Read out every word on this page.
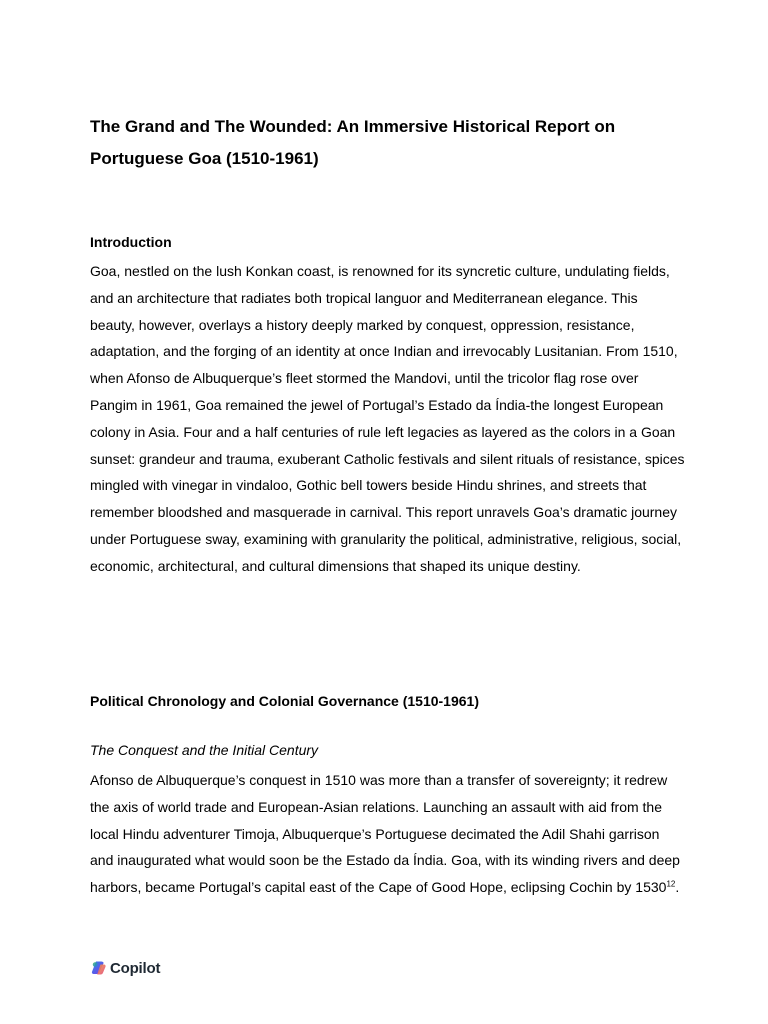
The Grand and The Wounded: An Immersive Historical Report on Portuguese Goa (1510-1961)
Introduction

Goa, nestled on the lush Konkan coast, is renowned for its syncretic culture, undulating fields, and an architecture that radiates both tropical languor and Mediterranean elegance. This beauty, however, overlays a history deeply marked by conquest, oppression, resistance, adaptation, and the forging of an identity at once Indian and irrevocably Lusitanian. From 1510, when Afonso de Albuquerque’s fleet stormed the Mandovi, until the tricolor flag rose over Pangim in 1961, Goa remained the jewel of Portugal’s Estado da Índia-the longest European colony in Asia. Four and a half centuries of rule left legacies as layered as the colors in a Goan sunset: grandeur and trauma, exuberant Catholic festivals and silent rituals of resistance, spices mingled with vinegar in vindaloo, Gothic bell towers beside Hindu shrines, and streets that remember bloodshed and masquerade in carnival. This report unravels Goa’s dramatic journey under Portuguese sway, examining with granularity the political, administrative, religious, social, economic, architectural, and cultural dimensions that shaped its unique destiny.

Political Chronology and Colonial Governance (1510-1961)
The Conquest and the Initial Century

Afonso de Albuquerque’s conquest in 1510 was more than a transfer of sovereignty; it redrew the axis of world trade and European-Asian relations. Launching an assault with aid from the local Hindu adventurer Timoja, Albuquerque’s Portuguese decimated the Adil Shahi garrison and inaugurated what would soon be the Estado da Índia. Goa, with its winding rivers and deep harbors, became Portugal’s capital east of the Cape of Good Hope, eclipsing Cochin by 1530$^{12}$.

Copilot
